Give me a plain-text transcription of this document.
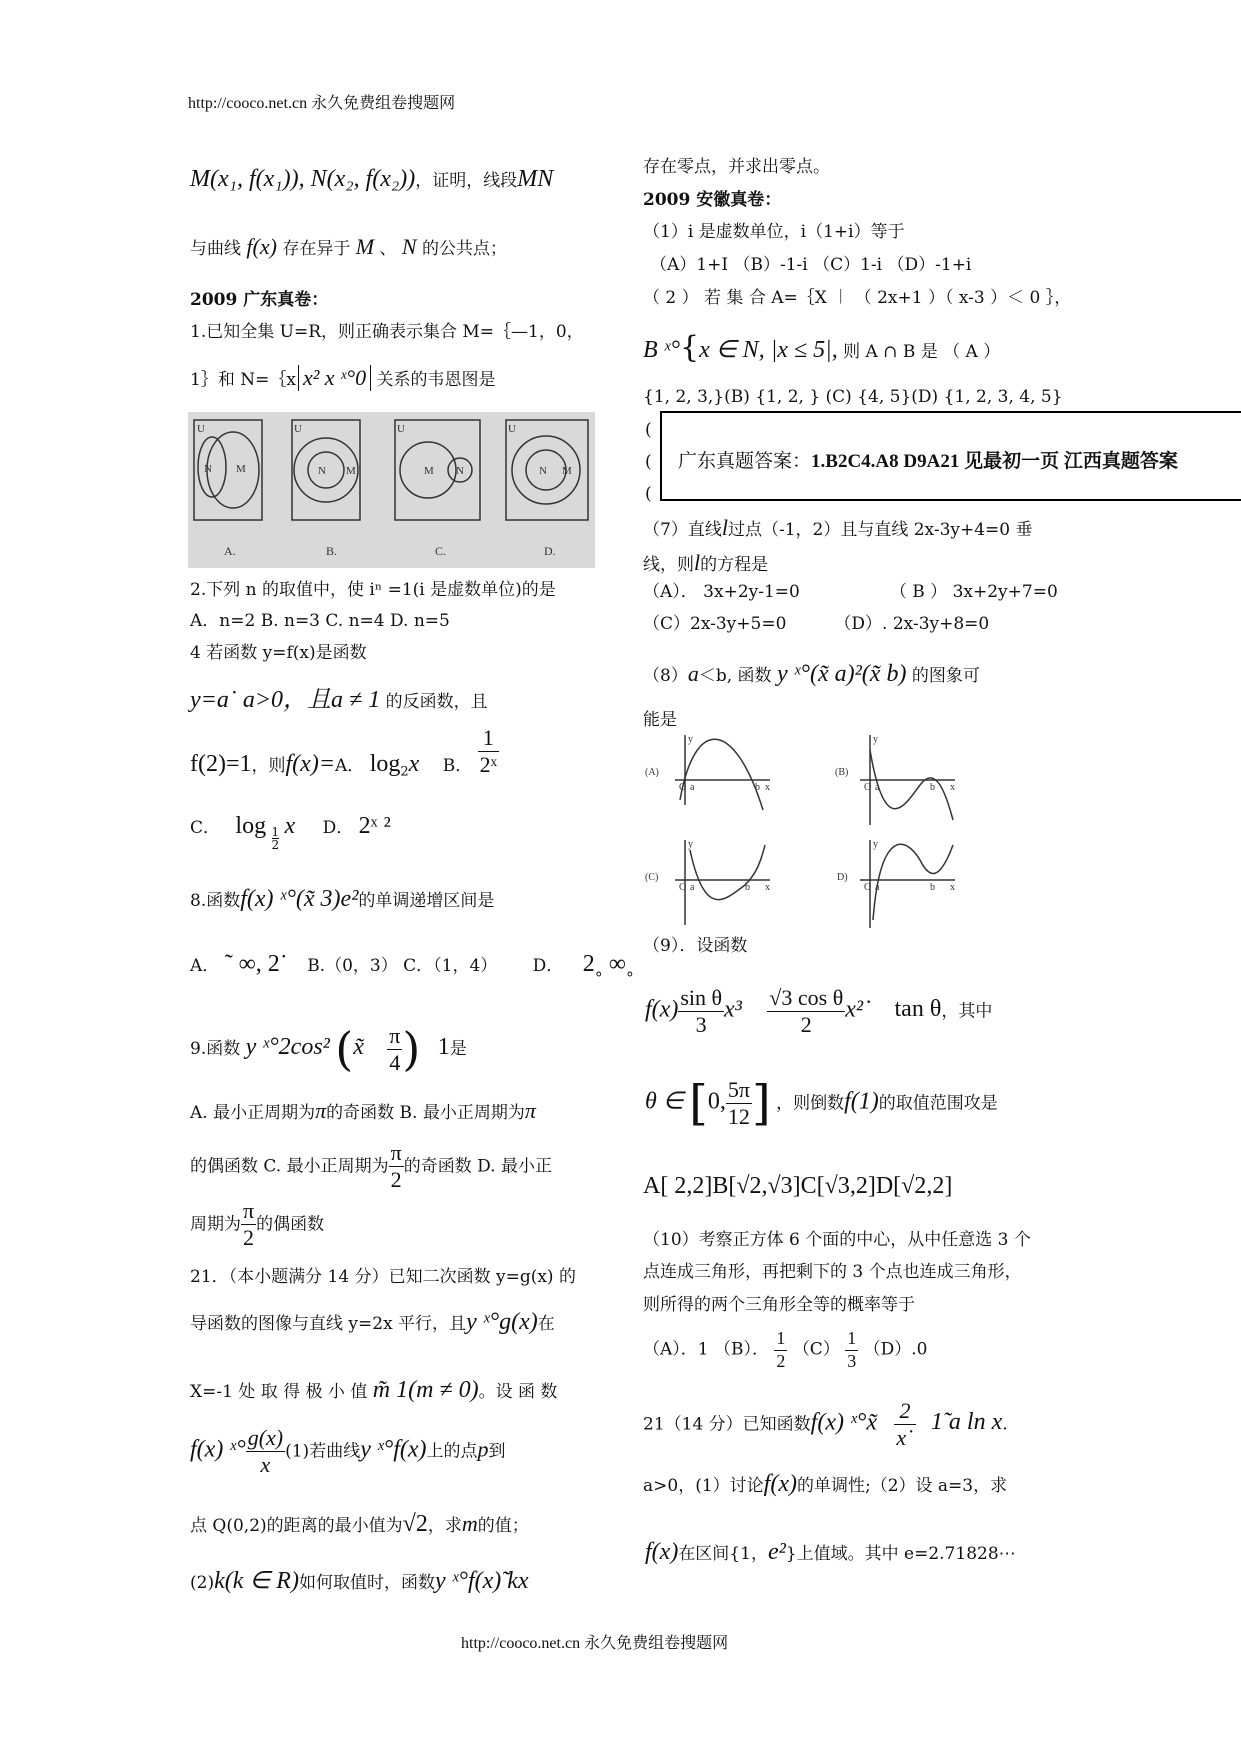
http://cooco.net.cn 永久免费组卷搜题网
http://cooco.net.cn 永久免费组卷搜题网
M(x₁, f(x₁)), N(x₂, f(x₂))，证明，线段MN
与曲线 f(x) 存在异于 M 、 N 的公共点；
2009 广东真卷：
1.已知全集 U=R，则正确表示集合 M=｛—1，0，
1｝和 N=｛x x² x ˣ°0 关系的韦恩图是
U
N M
U
N M
U
M N
U
N M
A.	B.	C.	D.
2.下列 n 的取值中，使 iⁿ =1(i 是虚数单位)的是
A．n=2 B. n=3 C. n=4 D. n=5
4 若函数 y=f(x)是函数
y=a˙ a>0，且a ≠ 1 的反函数，且
f(2)=1，则f(x)=A． $\log_2x$ B． $\frac{1}{\text{2ˣ}}$
C． $\log \frac{1}{2}$ x D． 2ˣ ²
8.函数f(x) ˣ°(x̃ 3)e²的单调递增区间是
A． ˜ ∞, 2˙ B.（0，3） C．（1，4） D． 2˳ ∞˳
9.函数 y ˣ°2cos² (x̃ $\frac{\pi}{4}$ ) 1是
A. 最小正周期为π的奇函数 B. 最小正周期为π
的偶函数 C. 最小正周期为 $\frac{\pi}{2}$ 的奇函数 D. 最小正
周期为 $\frac{\pi}{2}$ 的偶函数
21．（本小题满分 14 分）已知二次函数 y=g(x) 的
导函数的图像与直线 y=2x 平行，且y ˣ°g(x)在
X=-1 处 取 得 极 小 值 m̃ 1(m ≠ 0)。设 函 数
f(x) ˣ° $\frac{g(x)}{x} (1)$若曲线y ˣ°f(x)上的点p到
点 Q(0,2)的距离的最小值为√2，求m的值；
(2)k(k ∈ R)如何取值时，函数y ˣ°f(x)̃ kx
存在零点，并求出零点。
2009 安徽真卷：
（1）i 是虚数单位，i（1+i）等于
（A）1+I （B）-1-i （C）1-i （D）-1+i
（ 2 ） 若 集 合 A=｛X ︱ （ 2x+1 ）（ x-3 ）＜ 0 ｝，
B ˣ°{x ∈ N, |x ≤ 5|, 则 A ∩ B 是 （ A ）
{1, 2, 3,}(B) {1, 2, } (C) {4, 5}(D) {1, 2, 3, 4, 5}
(
(
(
（7）直线l过点（-1，2）且与直线 2x-3y+4=0 垂
线，则l的方程是
（A）． 3x+2y-1=0	（ B ） 3x+2y+7=0
（C）2x-3y+5=0	（D）. 2x-3y+8=0
（8）a＜b, 函数 y ˣ°(x̃ a)²(x̃ b) 的图象可
能是
(A)	(B)
(C)	D)
O a	b x
y
O a	b x
y
O a	b x
y
O a	b x
y
（9）．设函数
$f(x) \frac{\text{sin θ}}{3} x^3 \frac{\text{√3 cos θ}}{2}$ x²˙ tan θ，其中
θ ∈ [0, $\frac{5\pi}{12}$ ] ，则倒数f(1)的取值范围攻是
A[ 2,2]B[√2,√3]C[√3,2]D[√2,2]
（10）考察正方体 6 个面的中心，从中任意选 3 个
点连成三角形，再把剩下的 3 个点也连成三角形，
则所得的两个三角形全等的概率等于
（A）．1 （B）． $\frac{1}{2} (C) \frac{1}{3} (D).0$
21（14 分）已知函数f(x) ˣ°x̃ $\frac{2}{x˙}$ 1̃ a ln x.
a>0，(1）讨论f(x)的单调性;（2）设 a=3，求
f(x)在区间{1，e²}上值域。其中 e=2.71828⋯
广东真题答案：1.B2C4.A8 D9A21 见最初一页 江西真题答案
